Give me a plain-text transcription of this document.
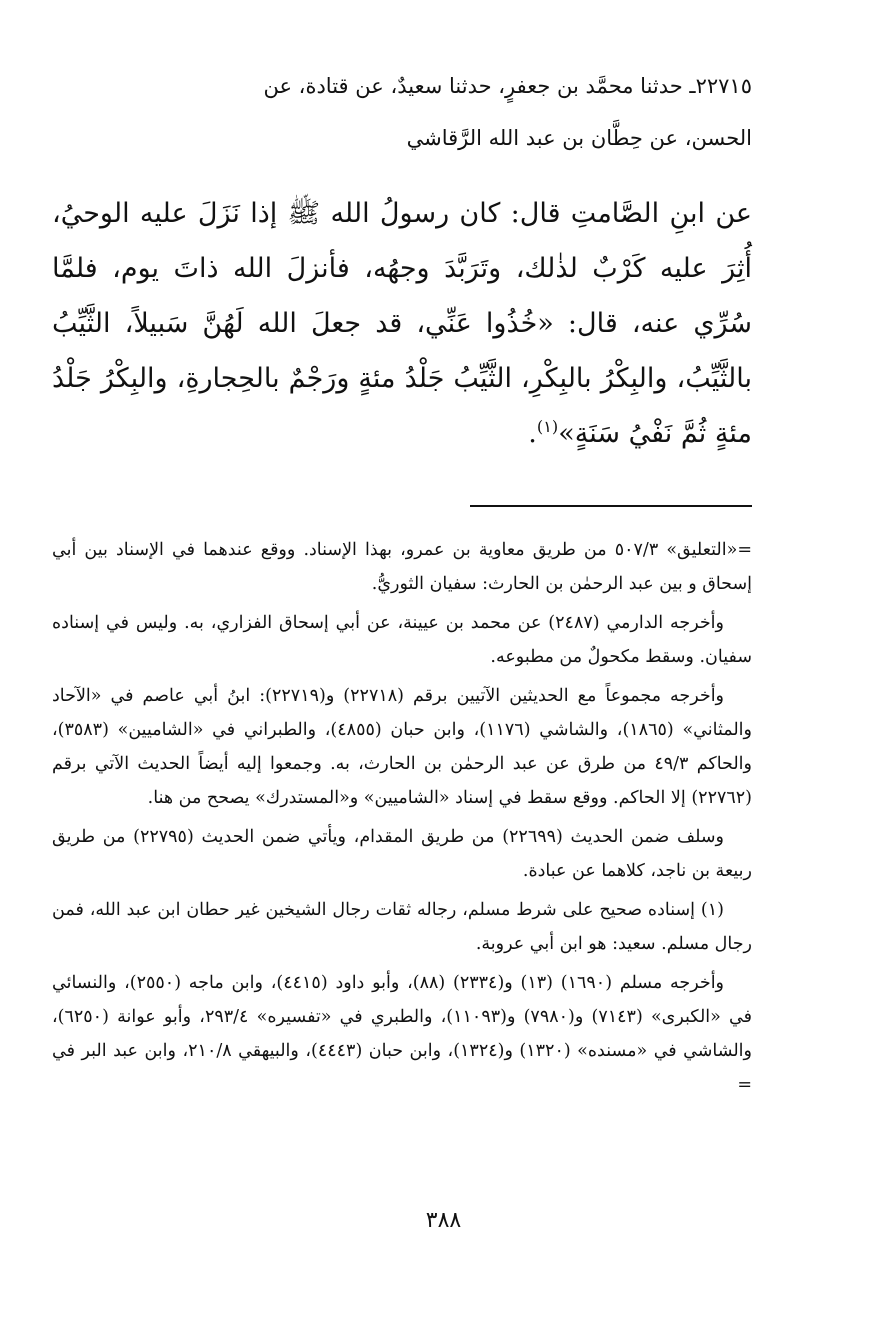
٢٢٧١٥ـ حدثنا محمَّد بن جعفرٍ، حدثنا سعيدٌ، عن قتادة، عن
الحسن، عن حِطَّان بن عبد الله الرَّقاشي

عن ابنِ الصَّامتِ قال: كان رسولُ الله ﷺ إذا نَزَلَ عليه الوحيُ، أُثِرَ عليه كَرْبٌ لذٰلك، وتَرَبَّدَ وجهُه، فأنزلَ الله ذاتَ يوم، فلمَّا سُرِّي عنه، قال: «خُذُوا عَنِّي، قد جعلَ الله لَهُنَّ سَبيلاً، الثَّيِّبُ بالثَّيِّبُ، والبِكْرُ بالبِكْرِ، الثَّيِّبُ جَلْدُ مئةٍ ورَجْمٌ بالحِجارةِ، والبِكْرُ جَلْدُ مئةٍ ثُمَّ نَفْيُ سَنَةٍ»$^{(١)}$.

=«التعليق» ٥٠٧/٣ من طريق معاوية بن عمرو، بهذا الإسناد. ووقع عندهما في الإسناد بين أبي إسحاق و بين عبد الرحمٰن بن الحارث: سفيان الثوريُّ.

وأخرجه الدارمي (٢٤٨٧) عن محمد بن عيينة، عن أبي إسحاق الفزاري، به. وليس في إسناده سفيان. وسقط مكحولٌ من مطبوعه.

وأخرجه مجموعاً مع الحديثين الآتيين برقم (٢٢٧١٨) و(٢٢٧١٩): ابنُ أبي عاصم في «الآحاد والمثاني» (١٨٦٥)، والشاشي (١١٧٦)، وابن حبان (٤٨٥٥)، والطبراني في «الشاميين» (٣٥٨٣)، والحاكم ٤٩/٣ من طرق عن عبد الرحمٰن بن الحارث، به. وجمعوا إليه أيضاً الحديث الآتي برقم (٢٢٧٦٢) إلا الحاكم. ووقع سقط في إسناد «الشاميين» و«المستدرك» يصحح من هنا.

وسلف ضمن الحديث (٢٢٦٩٩) من طريق المقدام، ويأتي ضمن الحديث (٢٢٧٩٥) من طريق ربيعة بن ناجد، كلاهما عن عبادة.

(١) إسناده صحيح على شرط مسلم، رجاله ثقات رجال الشيخين غير حطان ابن عبد الله، فمن رجال مسلم. سعيد: هو ابن أبي عروبة.

وأخرجه مسلم (١٦٩٠) (١٣) و(٢٣٣٤) (٨٨)، وأبو داود (٤٤١٥)، وابن ماجه (٢٥٥٠)، والنسائي في «الكبرى» (٧١٤٣) و(٧٩٨٠) و(١١٠٩٣)، والطبري في «تفسيره» ٢٩٣/٤، وأبو عوانة (٦٢٥٠)، والشاشي في «مسنده» (١٣٢٠) و(١٣٢٤)، وابن حبان (٤٤٤٣)، والبيهقي ٢١٠/٨، وابن عبد البر في =

٣٨٨
